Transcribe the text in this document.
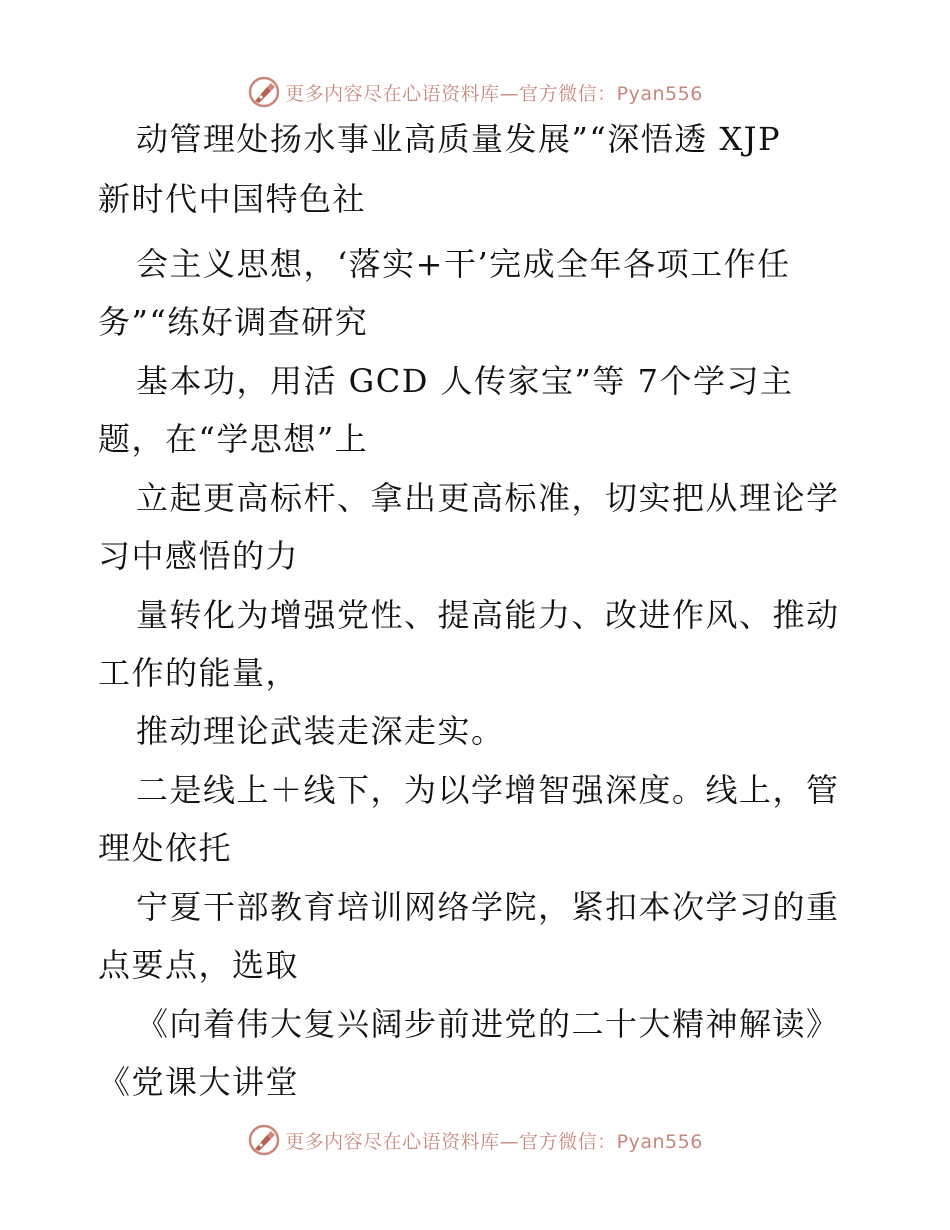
更多内容尽在心语资料库—官方微信：Pyan556
动管理处扬水事业高质量发展”“深悟透 XJP
新时代中国特色社
会主义思想，‘落实+干’完成全年各项工作任
务”“练好调查研究
基本功，用活 GCD 人传家宝”等 7个学习主
题，在“学思想”上
立起更高标杆、拿出更高标准，切实把从理论学
习中感悟的力
量转化为增强党性、提高能力、改进作风、推动
工作的能量，
推动理论武装走深走实。
二是线上＋线下，为以学增智强深度。线上，管
理处依托
宁夏干部教育培训网络学院，紧扣本次学习的重
点要点，选取
《向着伟大复兴阔步前进党的二十大精神解读》
《党课大讲堂
更多内容尽在心语资料库—官方微信：Pyan556
